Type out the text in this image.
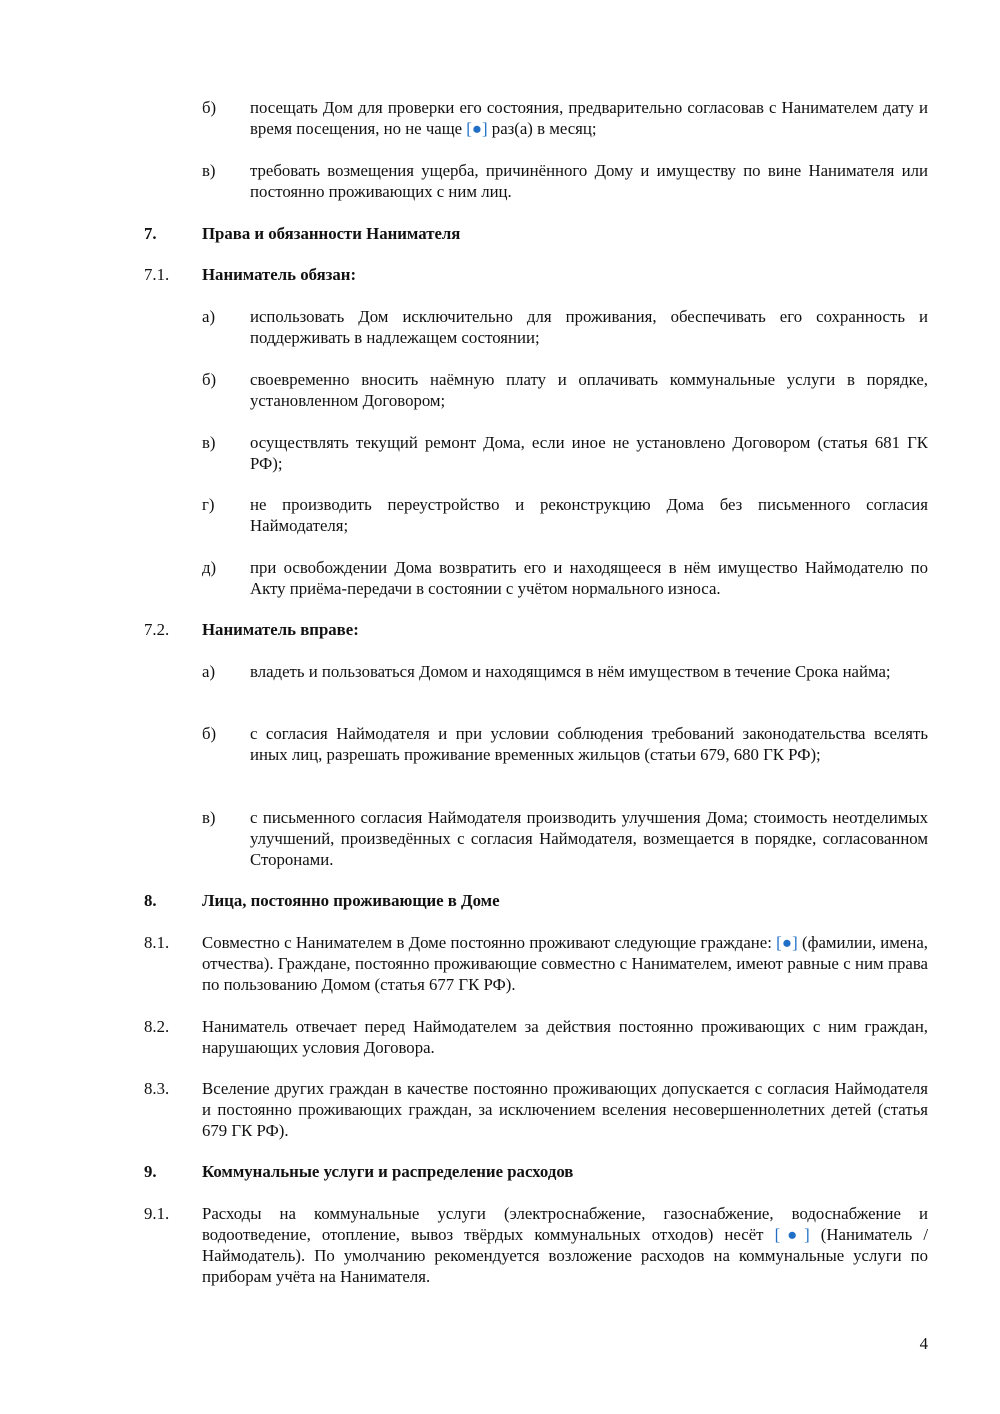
б) посещать Дом для проверки его состояния, предварительно согласовав с Нанимателем дату и время посещения, но не чаще [●] раз(а) в месяц;
в) требовать возмещения ущерба, причинённого Дому и имуществу по вине Нанимателя или постоянно проживающих с ним лиц.
7.	Права и обязанности Нанимателя
7.1. Наниматель обязан:
а) использовать Дом исключительно для проживания, обеспечивать его сохранность и поддерживать в надлежащем состоянии;
б) своевременно вносить наёмную плату и оплачивать коммунальные услуги в порядке, установленном Договором;
в) осуществлять текущий ремонт Дома, если иное не установлено Договором (статья 681 ГК РФ);
г) не производить переустройство и реконструкцию Дома без письменного согласия Наймодателя;
д) при освобождении Дома возвратить его и находящееся в нём имущество Наймодателю по Акту приёма-передачи в состоянии с учётом нормального износа.
7.2. Наниматель вправе:
а) владеть и пользоваться Домом и находящимся в нём имуществом в течение Срока найма;
б) с согласия Наймодателя и при условии соблюдения требований законодательства вселять иных лиц, разрешать проживание временных жильцов (статьи 679, 680 ГК РФ);
в) с письменного согласия Наймодателя производить улучшения Дома; стоимость неотделимых улучшений, произведённых с согласия Наймодателя, возмещается в порядке, согласованном Сторонами.
8.	Лица, постоянно проживающие в Доме
8.1. Совместно с Нанимателем в Доме постоянно проживают следующие граждане: [●] (фамилии, имена, отчества). Граждане, постоянно проживающие совместно с Нанимателем, имеют равные с ним права по пользованию Домом (статья 677 ГК РФ).
8.2. Наниматель отвечает перед Наймодателем за действия постоянно проживающих с ним граждан, нарушающих условия Договора.
8.3. Вселение других граждан в качестве постоянно проживающих допускается с согласия Наймодателя и постоянно проживающих граждан, за исключением вселения несовершеннолетних детей (статья 679 ГК РФ).
9.	Коммунальные услуги и распределение расходов
9.1. Расходы на коммунальные услуги (электроснабжение, газоснабжение, водоснабжение и водоотведение, отопление, вывоз твёрдых коммунальных отходов) несёт [●] (Наниматель / Наймодатель). По умолчанию рекомендуется возложение расходов на коммунальные услуги по приборам учёта на Нанимателя.
4
